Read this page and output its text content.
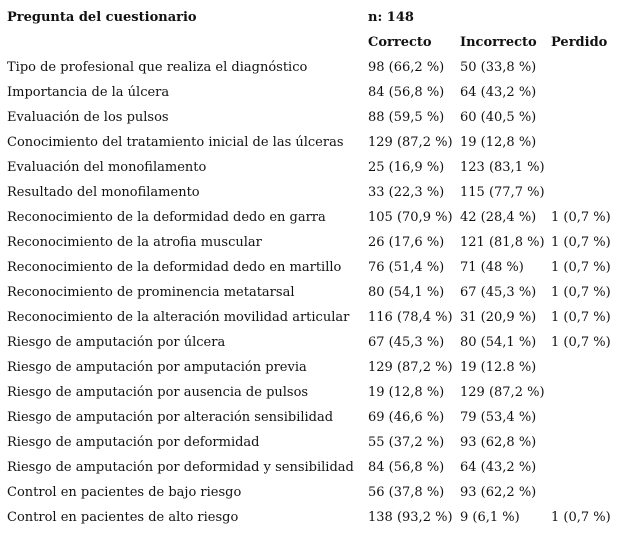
Pregunta del cuestionario	n: 148		
	Correcto	Incorrecto	Perdido
Tipo de profesional que realiza el diagnóstico	98 (66,2 %)	50 (33,8 %)	
Importancia de la úlcera	84 (56,8 %)	64 (43,2 %)	
Evaluación de los pulsos	88 (59,5 %)	60 (40,5 %)	
Conocimiento del tratamiento inicial de las úlceras	129 (87,2 %)	19 (12,8 %)	
Evaluación del monofilamento	25 (16,9 %)	123 (83,1 %)	
Resultado del monofilamento	33 (22,3 %)	115 (77,7 %)	
Reconocimiento de la deformidad dedo en garra	105 (70,9 %)	42 (28,4 %)	1 (0,7 %)
Reconocimiento de la atrofia muscular	26 (17,6 %)	121 (81,8 %)	1 (0,7 %)
Reconocimiento de la deformidad dedo en martillo	76 (51,4 %)	71 (48 %)	1 (0,7 %)
Reconocimiento de prominencia metatarsal	80 (54,1 %)	67 (45,3 %)	1 (0,7 %)
Reconocimiento de la alteración movilidad articular	116 (78,4 %)	31 (20,9 %)	1 (0,7 %)
Riesgo de amputación por úlcera	67 (45,3 %)	80 (54,1 %)	1 (0,7 %)
Riesgo de amputación por amputación previa	129 (87,2 %)	19 (12.8 %)	
Riesgo de amputación por ausencia de pulsos	19 (12,8 %)	129 (87,2 %)	
Riesgo de amputación por alteración sensibilidad	69 (46,6 %)	79 (53,4 %)	
Riesgo de amputación por deformidad	55 (37,2 %)	93 (62,8 %)	
Riesgo de amputación por deformidad y sensibilidad	84 (56,8 %)	64 (43,2 %)	
Control en pacientes de bajo riesgo	56 (37,8 %)	93 (62,2 %)	
Control en pacientes de alto riesgo	138 (93,2 %)	9 (6,1 %)	1 (0,7 %)
